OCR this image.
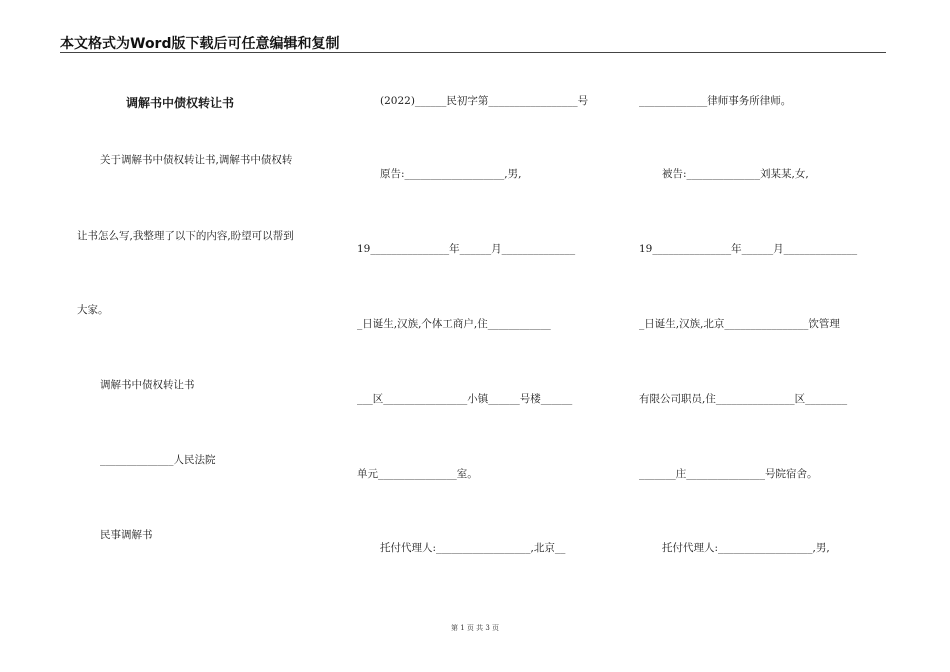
本文格式为Word版下载后可任意编辑和复制
调解书中债权转让书
关于调解书中债权转让书,调解书中债权转
让书怎么写,我整理了以下的内容,盼望可以帮到
大家。
调解书中债权转让书
______________人民法院
民事调解书
(2022)______民初字第_________________号
原告:___________________,男,
19_______________年______月______________
_日诞生,汉族,个体工商户,住____________
___区________________小镇______号楼______
单元_______________室。
托付代理人:__________________,北京__
_____________律师事务所律师。
被告:______________刘某某,女,
19_______________年______月______________
_日诞生,汉族,北京________________饮管理
有限公司职员,住_______________区________
_______庄_______________号院宿舍。
托付代理人:__________________,男,
第 1 页 共 3 页
